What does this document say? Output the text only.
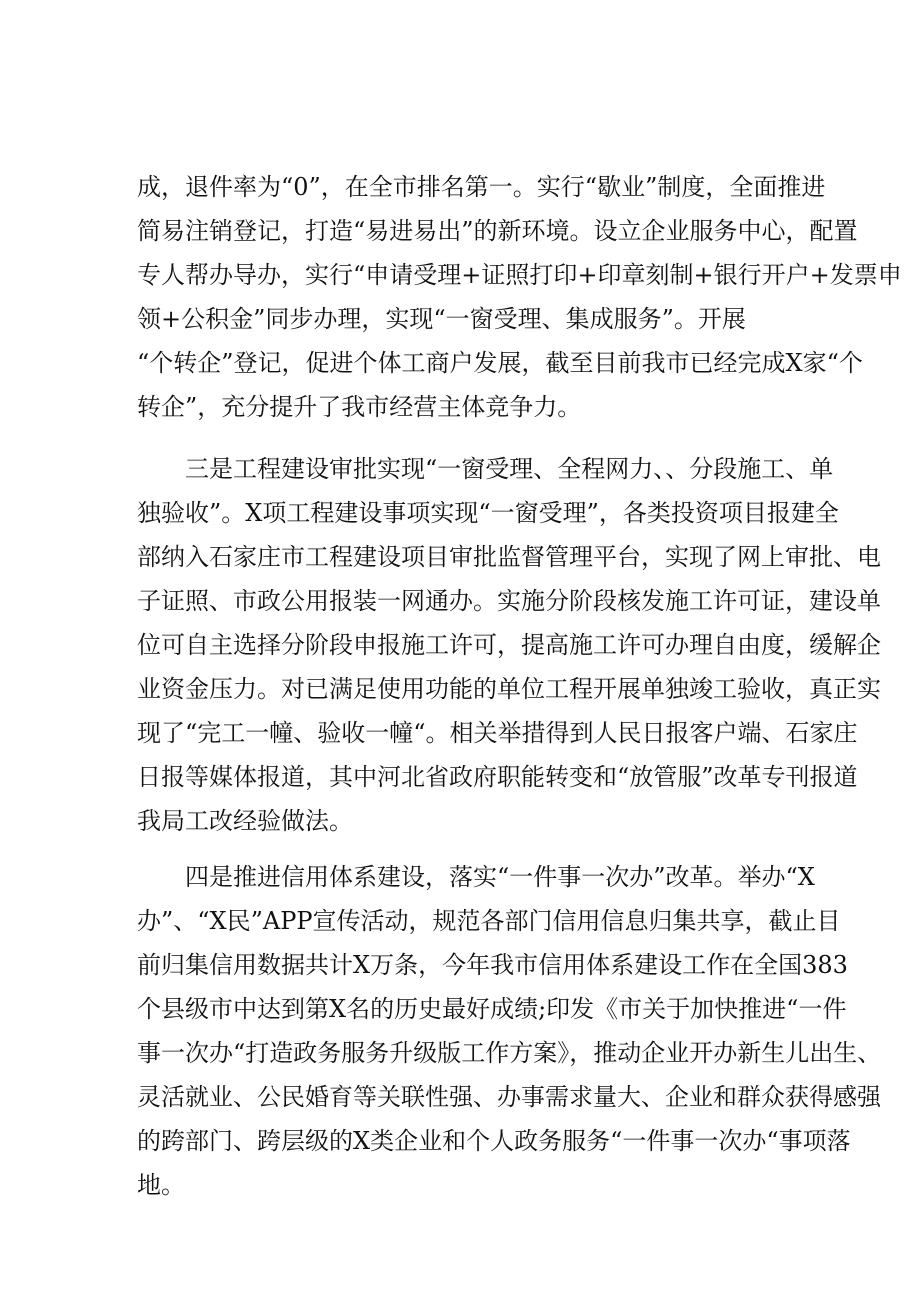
成，退件率为“0”，在全市排名第一。实行“歇业”制度，全面推进
简易注销登记，打造“易进易出”的新环境。设立企业服务中心，配置
专人帮办导办，实行“申请受理+证照打印+印章刻制+银行开户+发票申
领+公积金”同步办理，实现“一窗受理、集成服务”。开展
“个转企”登记，促进个体工商户发展，截至目前我市已经完成X家“个
转企”，充分提升了我市经营主体竞争力。
三是工程建设审批实现“一窗受理、全程网力、、分段施工、单
独验收”。X项工程建设事项实现“一窗受理”，各类投资项目报建全
部纳入石家庄市工程建设项目审批监督管理平台，实现了网上审批、电
子证照、市政公用报装一网通办。实施分阶段核发施工许可证，建设单
位可自主选择分阶段申报施工许可，提高施工许可办理自由度，缓解企
业资金压力。对已满足使用功能的单位工程开展单独竣工验收，真正实
现了“完工一幢、验收一幢“。相关举措得到人民日报客户端、石家庄
日报等媒体报道，其中河北省政府职能转变和“放管服”改革专刊报道
我局工改经验做法。
四是推进信用体系建设，落实“一件事一次办”改革。举办“X
办”、“X民”APP宣传活动，规范各部门信用信息归集共享，截止目
前归集信用数据共计X万条，今年我市信用体系建设工作在全国383
个县级市中达到第X名的历史最好成绩;印发《市关于加快推进“一件
事一次办“打造政务服务升级版工作方案》，推动企业开办新生儿出生、
灵活就业、公民婚育等关联性强、办事需求量大、企业和群众获得感强
的跨部门、跨层级的X类企业和个人政务服务“一件事一次办“事项落
地。
